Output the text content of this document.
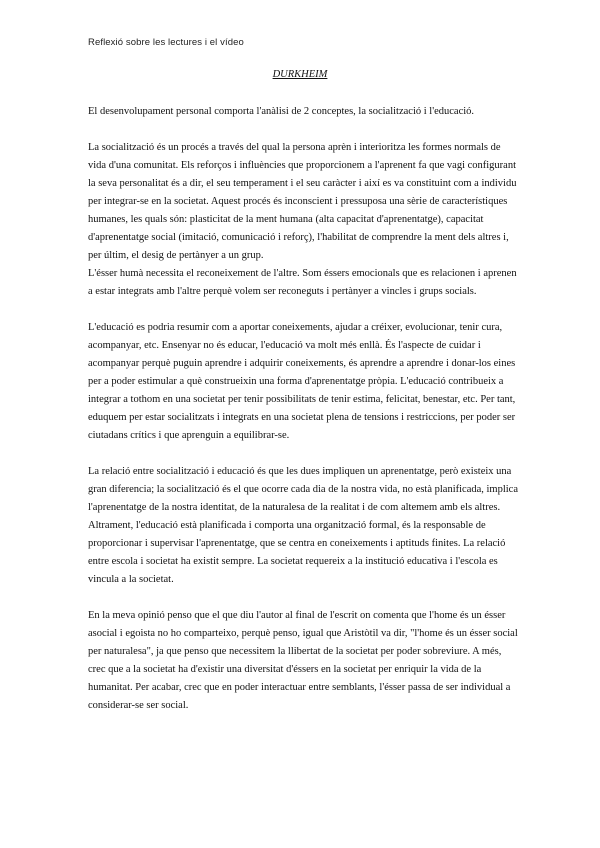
Reflexió sobre les lectures i el vídeo
DURKHEIM

El desenvolupament personal comporta l'anàlisi de 2 conceptes, la socialització i l'educació.

La socialització és un procés a través del qual la persona aprèn i interioritza les formes normals de vida d'una comunitat. Els reforços i influències que proporcionem a l'aprenent fa que vagi configurant la seva personalitat és a dir, el seu temperament i el seu caràcter i així es va constituint com a individu per integrar-se en la societat. Aquest procés és inconscient i pressuposa una sèrie de característiques humanes, les quals són: plasticitat de la ment humana (alta capacitat d'aprenentatge), capacitat d'aprenentatge social (imitació, comunicació i reforç), l'habilitat de comprendre la ment dels altres i, per últim, el desig de pertànyer a un grup.

L'ésser humà necessita el reconeixement de l'altre. Som éssers emocionals que es relacionen i aprenen a estar integrats amb l'altre perquè volem ser reconeguts i pertànyer a vincles i grups socials.

L'educació es podria resumir com a aportar coneixements, ajudar a créixer, evolucionar, tenir cura, acompanyar, etc. Ensenyar no és educar, l'educació va molt més enllà. És l'aspecte de cuidar i acompanyar perquè puguin aprendre i adquirir coneixements, és aprendre a aprendre i donar-los eines per a poder estimular a què construeixin una forma d'aprenentatge pròpia. L'educació contribueix a integrar a tothom en una societat per tenir possibilitats de tenir estima, felicitat, benestar, etc. Per tant, eduquem per estar socialitzats i integrats en una societat plena de tensions i restriccions, per poder ser ciutadans crítics i que aprenguin a equilibrar-se.

La relació entre socialització i educació és que les dues impliquen un aprenentatge, però existeix una gran diferencia; la socialització és el que ocorre cada dia de la nostra vida, no està planificada, implica l'aprenentatge de la nostra identitat, de la naturalesa de la realitat i de com altemem amb els altres. Altrament, l'educació està planificada i comporta una organització formal, és la responsable de proporcionar i supervisar l'aprenentatge, que se centra en coneixements i aptituds finites. La relació entre escola i societat ha existit sempre. La societat requereix a la institució educativa i l'escola es vincula a la societat.

En la meva opinió penso que el que diu l'autor al final de l'escrit on comenta que l'home és un ésser asocial i egoista no ho comparteixo, perquè penso, igual que Aristòtil va dir, "l'home és un ésser social per naturalesa", ja que penso que necessitem la llibertat de la societat per poder sobreviure. A més, crec que a la societat ha d'existir una diversitat d'éssers en la societat per enriquir la vida de la humanitat. Per acabar, crec que en poder interactuar entre semblants, l'ésser passa de ser individual a considerar-se ser social.
